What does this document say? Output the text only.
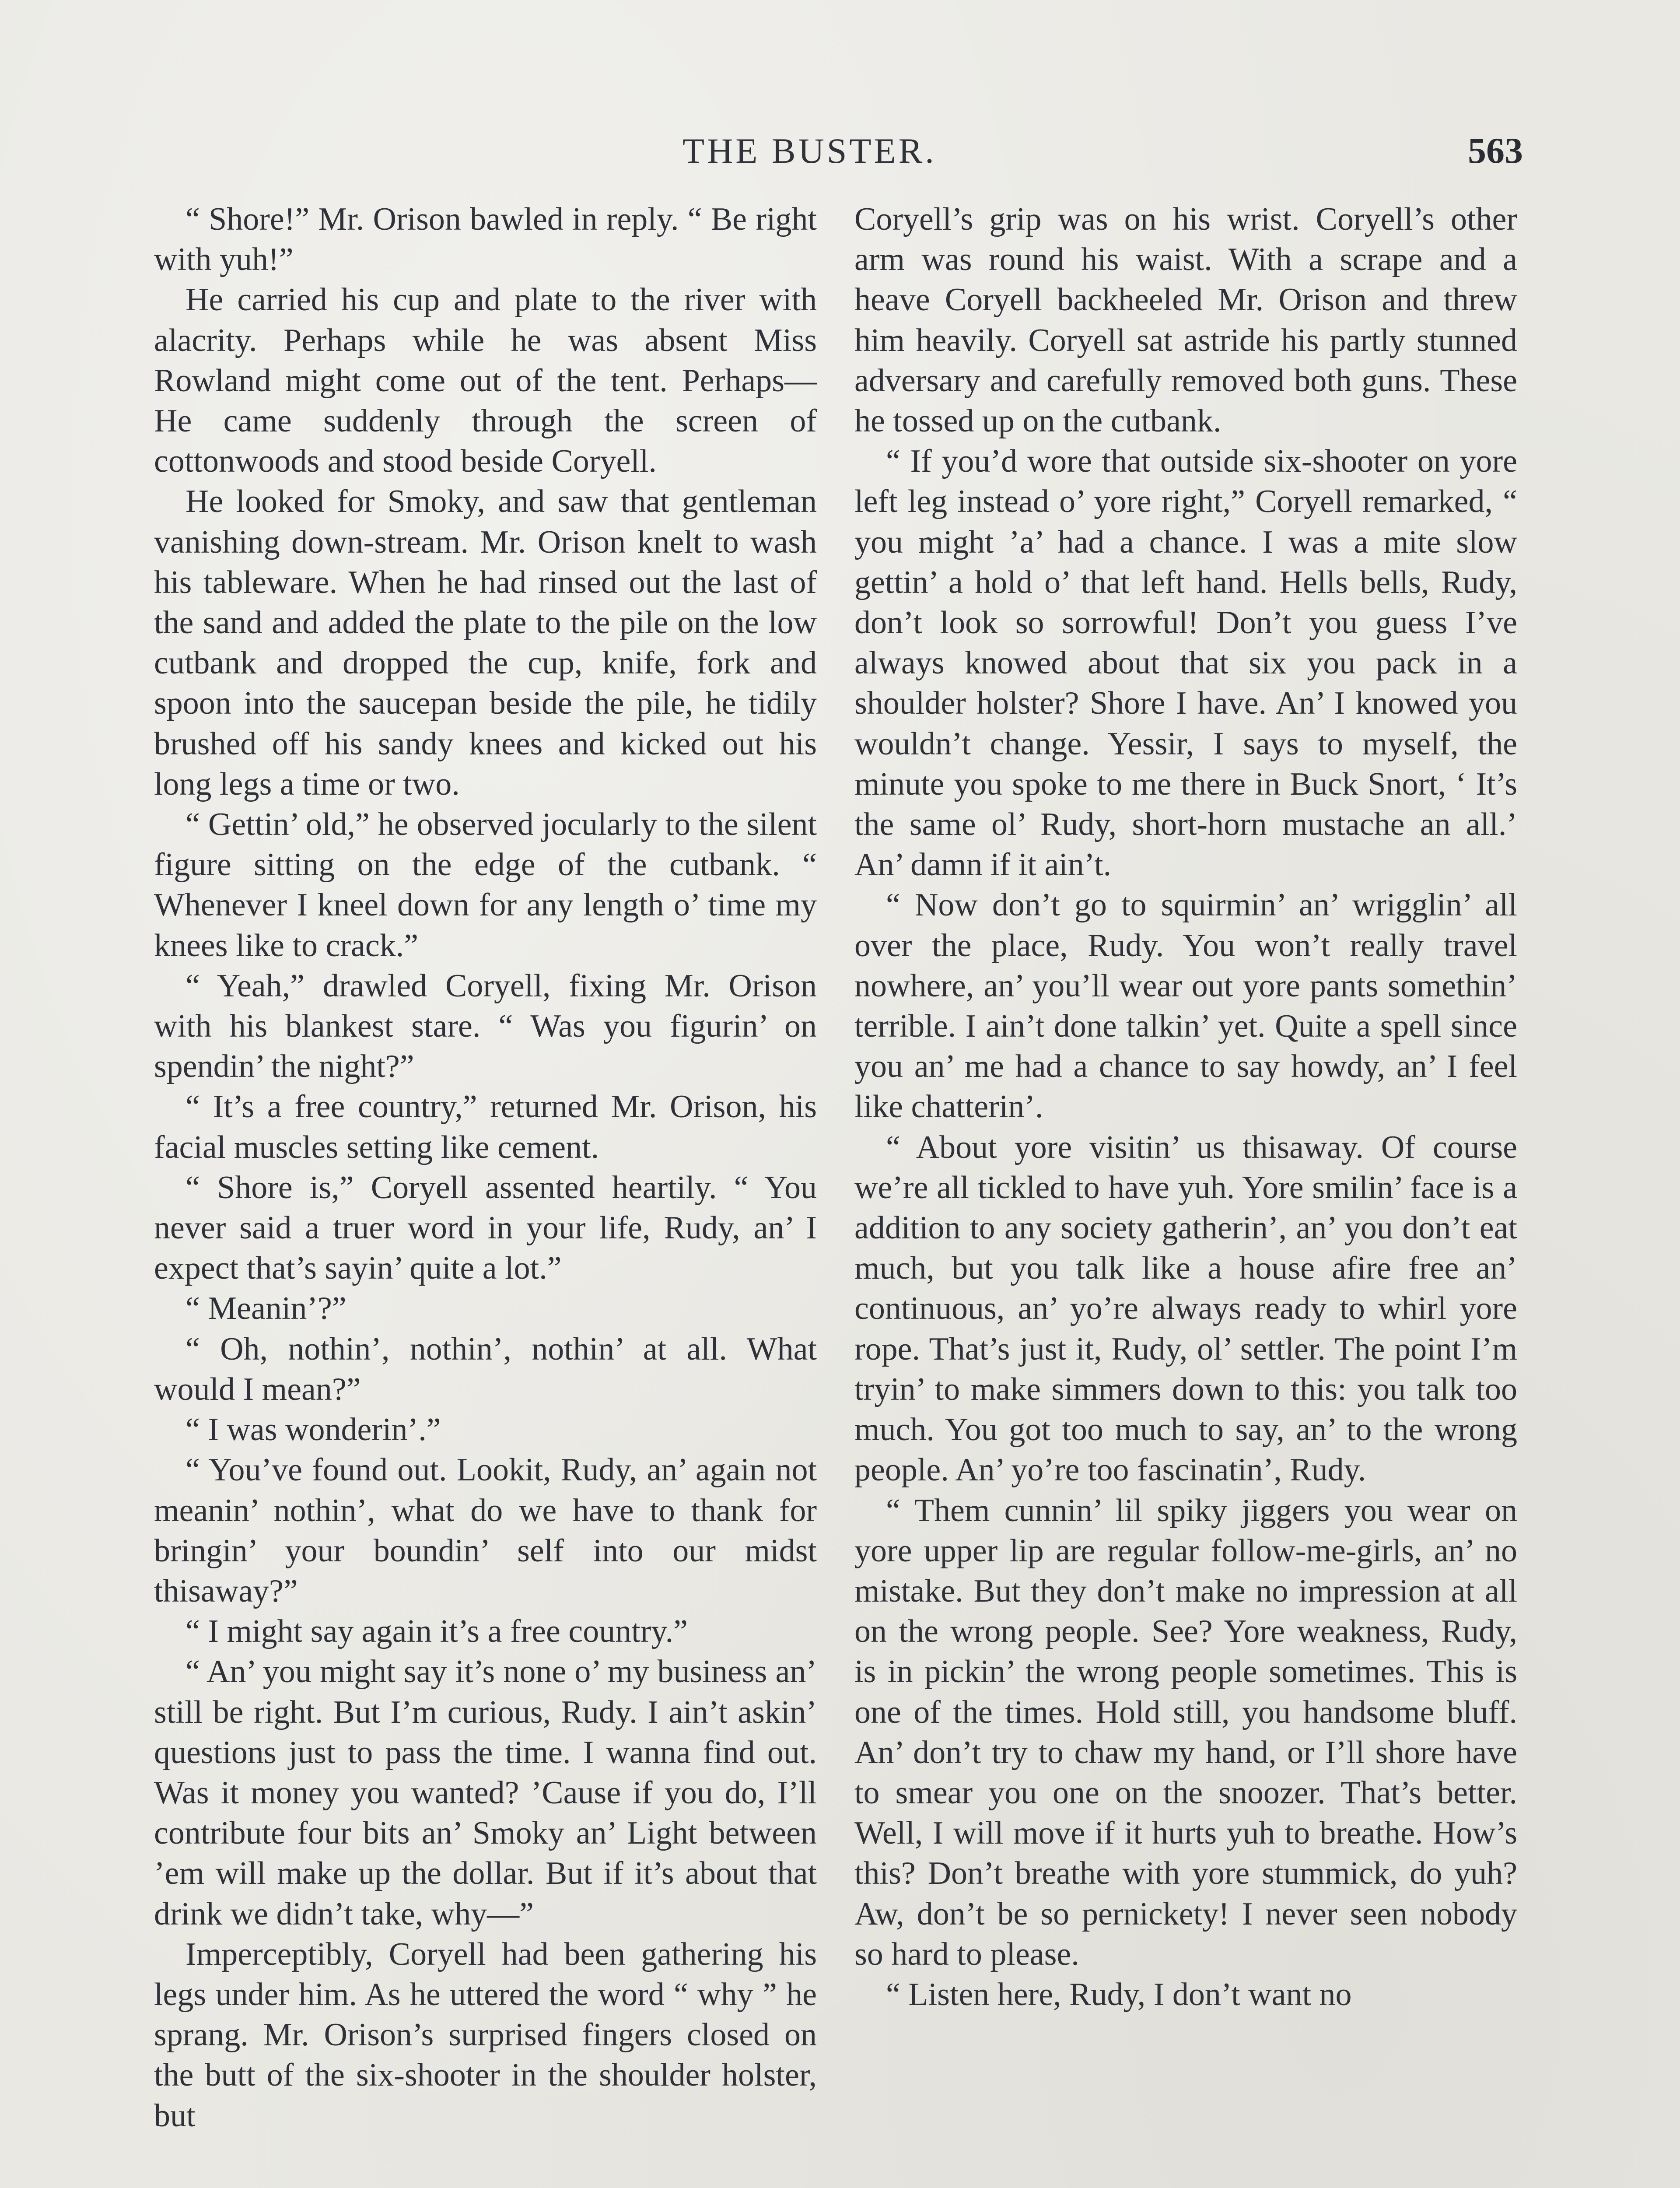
THE BUSTER.	563

“ Shore!” Mr. Orison bawled in reply. “ Be right with yuh!”

He carried his cup and plate to the river with alacrity. Perhaps while he was absent Miss Rowland might come out of the tent. Perhaps— He came suddenly through the screen of cottonwoods and stood beside Coryell.

He looked for Smoky, and saw that gentleman vanishing down-stream. Mr. Orison knelt to wash his tableware. When he had rinsed out the last of the sand and added the plate to the pile on the low cutbank and dropped the cup, knife, fork and spoon into the saucepan beside the pile, he tidily brushed off his sandy knees and kicked out his long legs a time or two.

“ Gettin’ old,” he observed jocularly to the silent figure sitting on the edge of the cutbank. “ Whenever I kneel down for any length o’ time my knees like to crack.”

“ Yeah,” drawled Coryell, fixing Mr. Orison with his blankest stare. “ Was you figurin’ on spendin’ the night?”

“ It’s a free country,” returned Mr. Orison, his facial muscles setting like cement.

“ Shore is,” Coryell assented heartily. “ You never said a truer word in your life, Rudy, an’ I expect that’s sayin’ quite a lot.”

“ Meanin’?”

“ Oh, nothin’, nothin’, nothin’ at all. What would I mean?”

“ I was wonderin’.”

“ You’ve found out. Lookit, Rudy, an’ again not meanin’ nothin’, what do we have to thank for bringin’ your boundin’ self into our midst thisaway?”

“ I might say again it’s a free country.”

“ An’ you might say it’s none o’ my business an’ still be right. But I’m curious, Rudy. I ain’t askin’ questions just to pass the time. I wanna find out. Was it money you wanted? ’Cause if you do, I’ll contribute four bits an’ Smoky an’ Light between ’em will make up the dollar. But if it’s about that drink we didn’t take, why—”

Imperceptibly, Coryell had been gathering his legs under him. As he uttered the word “ why ” he sprang. Mr. Orison’s surprised fingers closed on the butt of the six-shooter in the shoulder holster, but

Coryell’s grip was on his wrist. Coryell’s other arm was round his waist. With a scrape and a heave Coryell backheeled Mr. Orison and threw him heavily. Coryell sat astride his partly stunned adversary and carefully removed both guns. These he tossed up on the cutbank.

“ If you’d wore that outside six-shooter on yore left leg instead o’ yore right,” Coryell remarked, “ you might ’a’ had a chance. I was a mite slow gettin’ a hold o’ that left hand. Hells bells, Rudy, don’t look so sorrowful! Don’t you guess I’ve always knowed about that six you pack in a shoulder holster? Shore I have. An’ I knowed you wouldn’t change. Yessir, I says to myself, the minute you spoke to me there in Buck Snort, ‘ It’s the same ol’ Rudy, short-horn mustache an all.’ An’ damn if it ain’t.

“ Now don’t go to squirmin’ an’ wrigglin’ all over the place, Rudy. You won’t really travel nowhere, an’ you’ll wear out yore pants somethin’ terrible. I ain’t done talkin’ yet. Quite a spell since you an’ me had a chance to say howdy, an’ I feel like chatterin’.

“ About yore visitin’ us thisaway. Of course we’re all tickled to have yuh. Yore smilin’ face is a addition to any society gatherin’, an’ you don’t eat much, but you talk like a house afire free an’ continuous, an’ yo’re always ready to whirl yore rope. That’s just it, Rudy, ol’ settler. The point I’m tryin’ to make simmers down to this: you talk too much. You got too much to say, an’ to the wrong people. An’ yo’re too fascinatin’, Rudy.

“ Them cunnin’ lil spiky jiggers you wear on yore upper lip are regular follow-me-girls, an’ no mistake. But they don’t make no impression at all on the wrong people. See? Yore weakness, Rudy, is in pickin’ the wrong people sometimes. This is one of the times. Hold still, you handsome bluff. An’ don’t try to chaw my hand, or I’ll shore have to smear you one on the snoozer. That’s better. Well, I will move if it hurts yuh to breathe. How’s this? Don’t breathe with yore stummick, do yuh? Aw, don’t be so pernickety! I never seen nobody so hard to please.

“ Listen here, Rudy, I don’t want no
